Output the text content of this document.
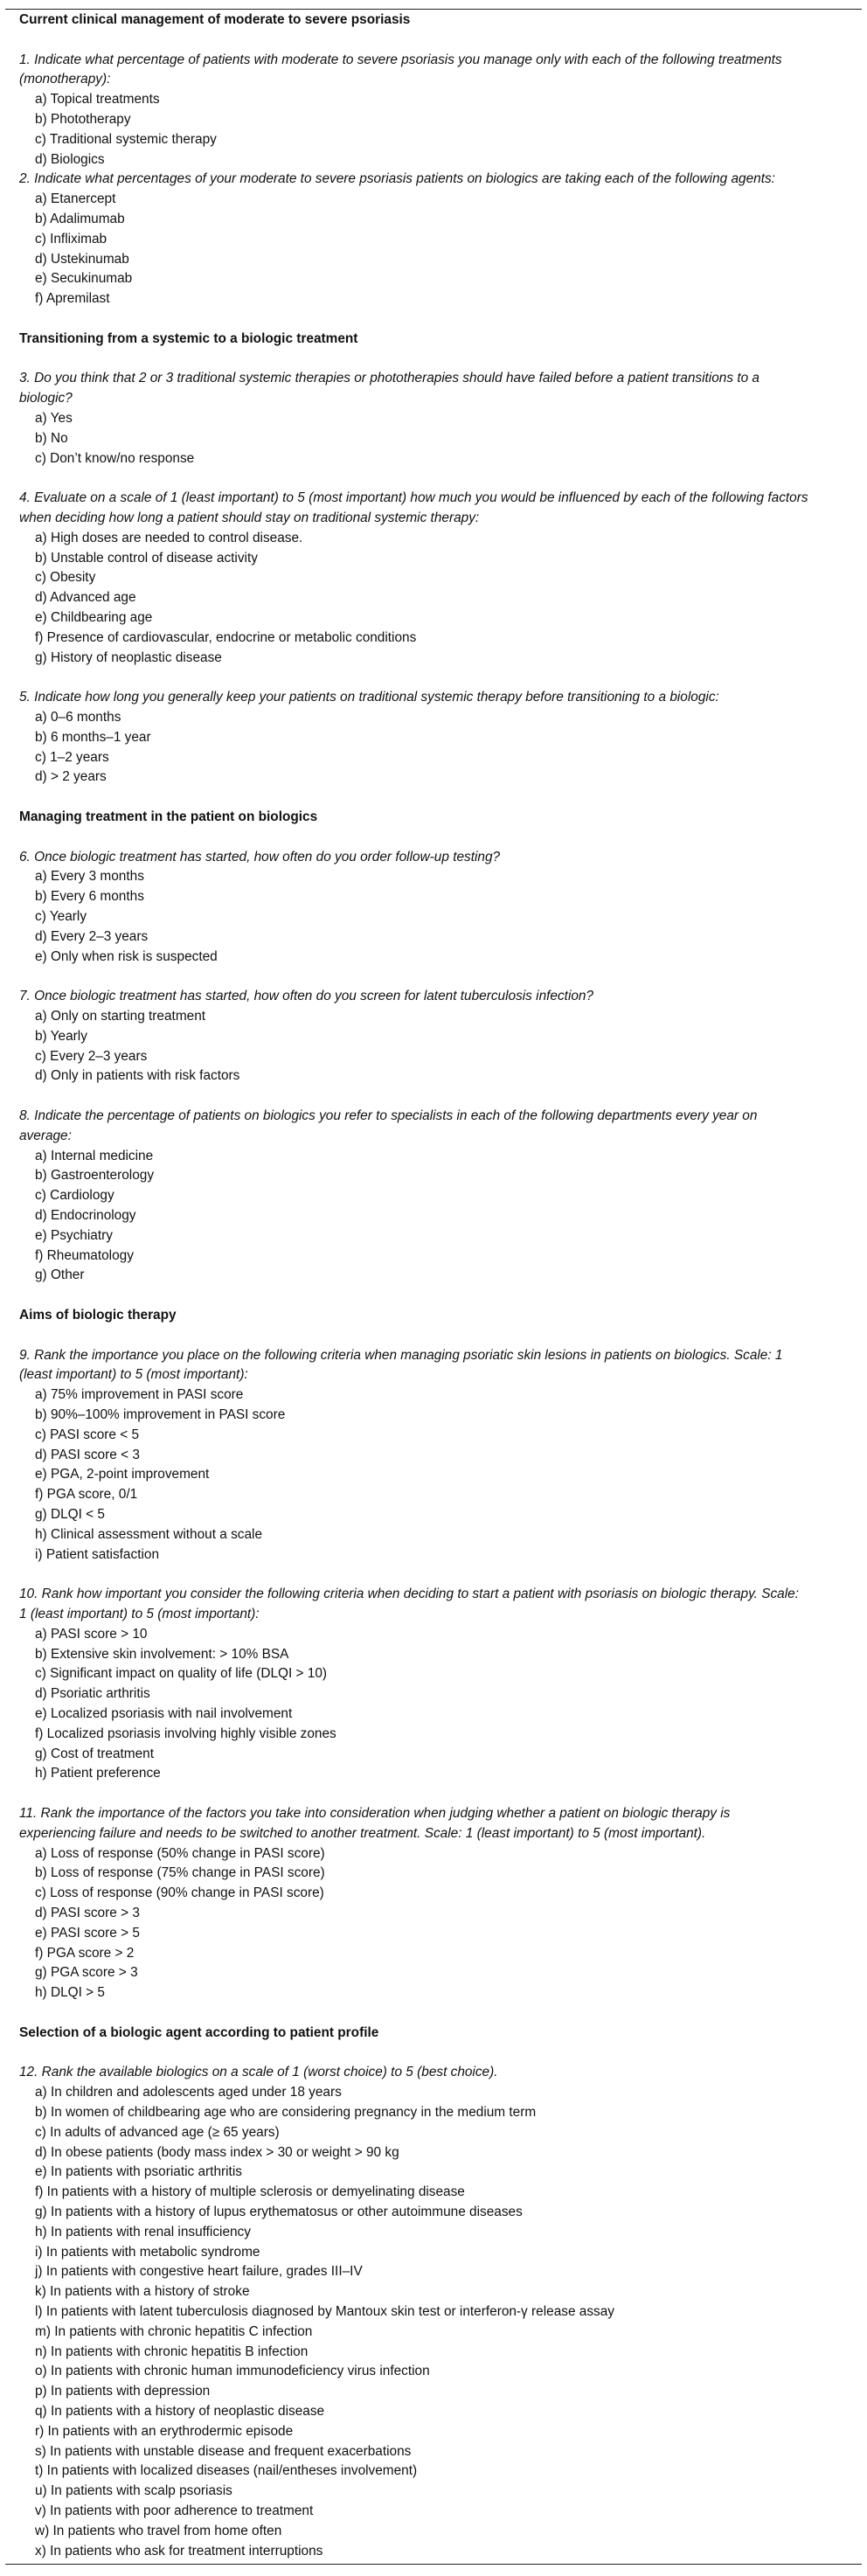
Current clinical management of moderate to severe psoriasis
1. Indicate what percentage of patients with moderate to severe psoriasis you manage only with each of the following treatments
(monotherapy):
a) Topical treatments
b) Phototherapy
c) Traditional systemic therapy
d) Biologics
2. Indicate what percentages of your moderate to severe psoriasis patients on biologics are taking each of the following agents:
a) Etanercept
b) Adalimumab
c) Infliximab
d) Ustekinumab
e) Secukinumab
f) Apremilast
Transitioning from a systemic to a biologic treatment
3. Do you think that 2 or 3 traditional systemic therapies or phototherapies should have failed before a patient transitions to a
biologic?
a) Yes
b) No
c) Don’t know/no response
4. Evaluate on a scale of 1 (least important) to 5 (most important) how much you would be influenced by each of the following factors
when deciding how long a patient should stay on traditional systemic therapy:
a) High doses are needed to control disease.
b) Unstable control of disease activity
c) Obesity
d) Advanced age
e) Childbearing age
f) Presence of cardiovascular, endocrine or metabolic conditions
g) History of neoplastic disease
5. Indicate how long you generally keep your patients on traditional systemic therapy before transitioning to a biologic:
a) 0–6 months
b) 6 months–1 year
c) 1–2 years
d) > 2 years
Managing treatment in the patient on biologics
6. Once biologic treatment has started, how often do you order follow-up testing?
a) Every 3 months
b) Every 6 months
c) Yearly
d) Every 2–3 years
e) Only when risk is suspected
7. Once biologic treatment has started, how often do you screen for latent tuberculosis infection?
a) Only on starting treatment
b) Yearly
c) Every 2–3 years
d) Only in patients with risk factors
8. Indicate the percentage of patients on biologics you refer to specialists in each of the following departments every year on
average:
a) Internal medicine
b) Gastroenterology
c) Cardiology
d) Endocrinology
e) Psychiatry
f) Rheumatology
g) Other
Aims of biologic therapy
9. Rank the importance you place on the following criteria when managing psoriatic skin lesions in patients on biologics. Scale: 1
(least important) to 5 (most important):
a) 75% improvement in PASI score
b) 90%–100% improvement in PASI score
c) PASI score < 5
d) PASI score < 3
e) PGA, 2-point improvement
f) PGA score, 0/1
g) DLQI < 5
h) Clinical assessment without a scale
i) Patient satisfaction
10. Rank how important you consider the following criteria when deciding to start a patient with psoriasis on biologic therapy. Scale:
1 (least important) to 5 (most important):
a) PASI score > 10
b) Extensive skin involvement: > 10% BSA
c) Significant impact on quality of life (DLQI > 10)
d) Psoriatic arthritis
e) Localized psoriasis with nail involvement
f) Localized psoriasis involving highly visible zones
g) Cost of treatment
h) Patient preference
11. Rank the importance of the factors you take into consideration when judging whether a patient on biologic therapy is
experiencing failure and needs to be switched to another treatment. Scale: 1 (least important) to 5 (most important).
a) Loss of response (50% change in PASI score)
b) Loss of response (75% change in PASI score)
c) Loss of response (90% change in PASI score)
d) PASI score > 3
e) PASI score > 5
f) PGA score > 2
g) PGA score > 3
h) DLQI > 5
Selection of a biologic agent according to patient profile
12. Rank the available biologics on a scale of 1 (worst choice) to 5 (best choice).
a) In children and adolescents aged under 18 years
b) In women of childbearing age who are considering pregnancy in the medium term
c) In adults of advanced age (≥ 65 years)
d) In obese patients (body mass index > 30 or weight > 90 kg
e) In patients with psoriatic arthritis
f) In patients with a history of multiple sclerosis or demyelinating disease
g) In patients with a history of lupus erythematosus or other autoimmune diseases
h) In patients with renal insufficiency
i) In patients with metabolic syndrome
j) In patients with congestive heart failure, grades III–IV
k) In patients with a history of stroke
l) In patients with latent tuberculosis diagnosed by Mantoux skin test or interferon-γ release assay
m) In patients with chronic hepatitis C infection
n) In patients with chronic hepatitis B infection
o) In patients with chronic human immunodeficiency virus infection
p) In patients with depression
q) In patients with a history of neoplastic disease
r) In patients with an erythrodermic episode
s) In patients with unstable disease and frequent exacerbations
t) In patients with localized diseases (nail/entheses involvement)
u) In patients with scalp psoriasis
v) In patients with poor adherence to treatment
w) In patients who travel from home often
x) In patients who ask for treatment interruptions
